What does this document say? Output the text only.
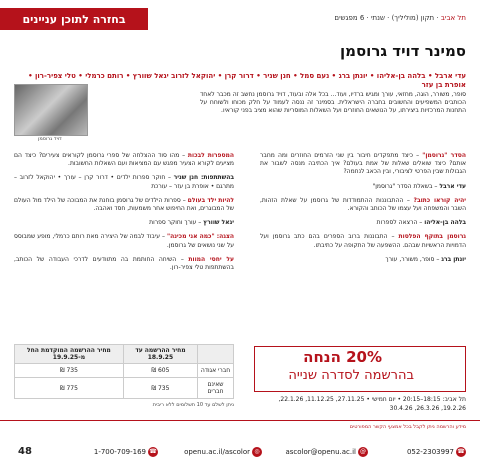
בחזרה לתוכן עניינים	תל אביב · תקון (מוליליך) · שנתי · 6 מפגשים
סמינר דויד גרוסמן
עדי ארבל • בלהה בן‑אליהו • יונתן ברג • נעם סמל • חנן שניר • דרור קרן • יהוקאל לזרוב יגאל שוורץ • רותם כרמלי • טלי צפיר‑רון • אופרת בן עזר
דויד גרוסמן
סופר, משורר, הוגה, מחזאי, עורך ומגיש ברדיו, ועוד... בכל אלה ובעוד, דויד גרוסמן נחשב זה מכבר לאחד הכותבים המשפיעים והחשובים בחברה הישראלית. בסמינר זה ננסה לעמוד על חלק מכוחו ולשוחח על התחנות המרכזיות ביצירתו, על הנושאים החוזרים ועל השאלות המוסריות שהוא מציב בפני קוראיו.

הסדר "גרוסמן" – כיצד מתפקדים חיבור בין שני הזרמים החוזרים ומה מחבר אותם? כיצד שואלים שאלות של אמת בעולם? איך הכתיבה מנסה לשבור את הגבולות שבין הפרטי לציבורי, ובין הכאב לנחמה?

עדי ארבל – בשאלת הסדר "גרוסמן"

יהיה קוראו כתוב? – ההתבוננות ההתמודדות של גרוסמן על שאלת הזהות, השבר והמשפחה ועל עצמו של הכותב והקורא.

בלהה בן‑אליהו – הרצאה לספרות

גרוסמן בתוקף הפלסות – התבוננות ברוב הספרים בהם כתב גרוסמן ועל הדמויות הראשיות שבהם. ההשפעה של התקופה על כתיבתו.

יונתן ברג – סופר, משורר, עורך

המספרות לבכות – מהו סוד ההצלחה של ספרי גרוסמן לקוראים צעירים? כיצד הם מציעים לקורא הצעיר מפגש עם המציאות ועם השאלות החשובות.

בהשתתפות: חנן שניר – חוקר ספרות ילדים • דרור קרן – עורך • יהוקאל לזרוב – מתרגם • אופרת בן עזר – עורכת

להיות ילד בעולם – ספרות הילדים של גרוסמן בוחנת את המבוכה של הילד מול העולם של המבוגרים, ואת החיפוש אחר משמעות, חסד ואהבה.

יגאל שוורץ – עורך וחוקר ספרות

הצגה: "כמה אני מכינה" – עיבוד לבמה של היצירה מאת רותם כרמלי, מופע שמבוסס על שני נושאים של גרוסמן.

על יחסי המוות – השיחה החותמת בה מתוודעים לדרכי העבודה של הכותב, בהשתתפות טלי צפיר‑רון.

20% הנחה
בהרשמה לסדרה שנייה
תל אביב: 18:15–20:15 • יום חמישי • 27.11.25, 11.12.25, 22.1.26, 19.2.26, 26.3.26, 30.4.26
	מחיר ההרשמה עד 18.9.25	מחיר ההרשמה המוקדמת החל מ‑19.9.25
חברי אגודה	605 ₪	735 ₪
שאינם חברים	735 ₪	775 ₪
ניתן לשלם עד 10 תשלומים ללא ריבית
מידע והרשמה ניתן לקבל בכל אמצעי הקשר המפורטים
☎
052-2303997
@
ascolor@openu.ac.il
◎
openu.ac.il/ascolor
☎
1-700-709-169
48
